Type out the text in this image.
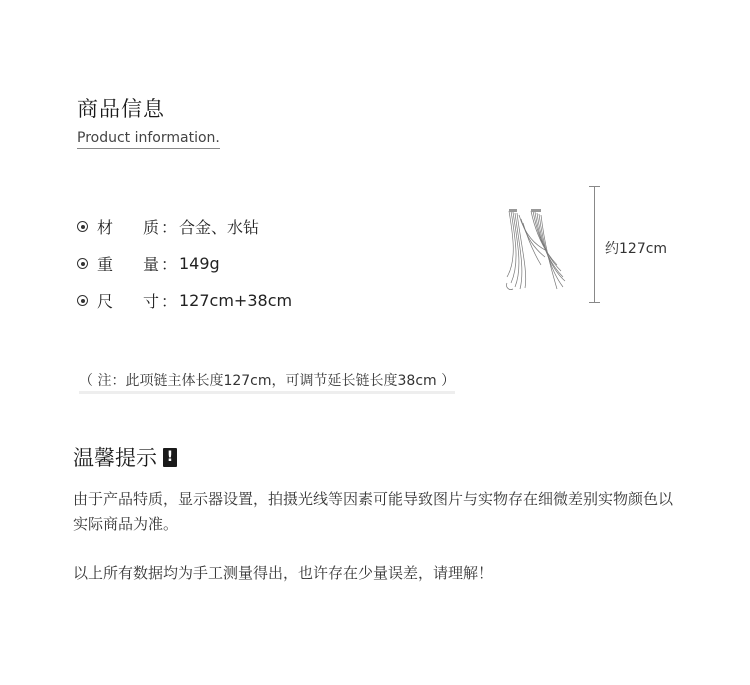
商品信息
Product information.
材 质 ： 合金、水钻
重 量 ： 149g
尺 寸 ： 127cm+38cm
约127cm
（ 注：此项链主体长度127cm，可调节延长链长度38cm ）
温馨提示 !
由于产品特质，显示器设置，拍摄光线等因素可能导致图片与实物存在细微差别实物颜色以实际商品为准。
以上所有数据均为手工测量得出，也许存在少量误差，请理解！
